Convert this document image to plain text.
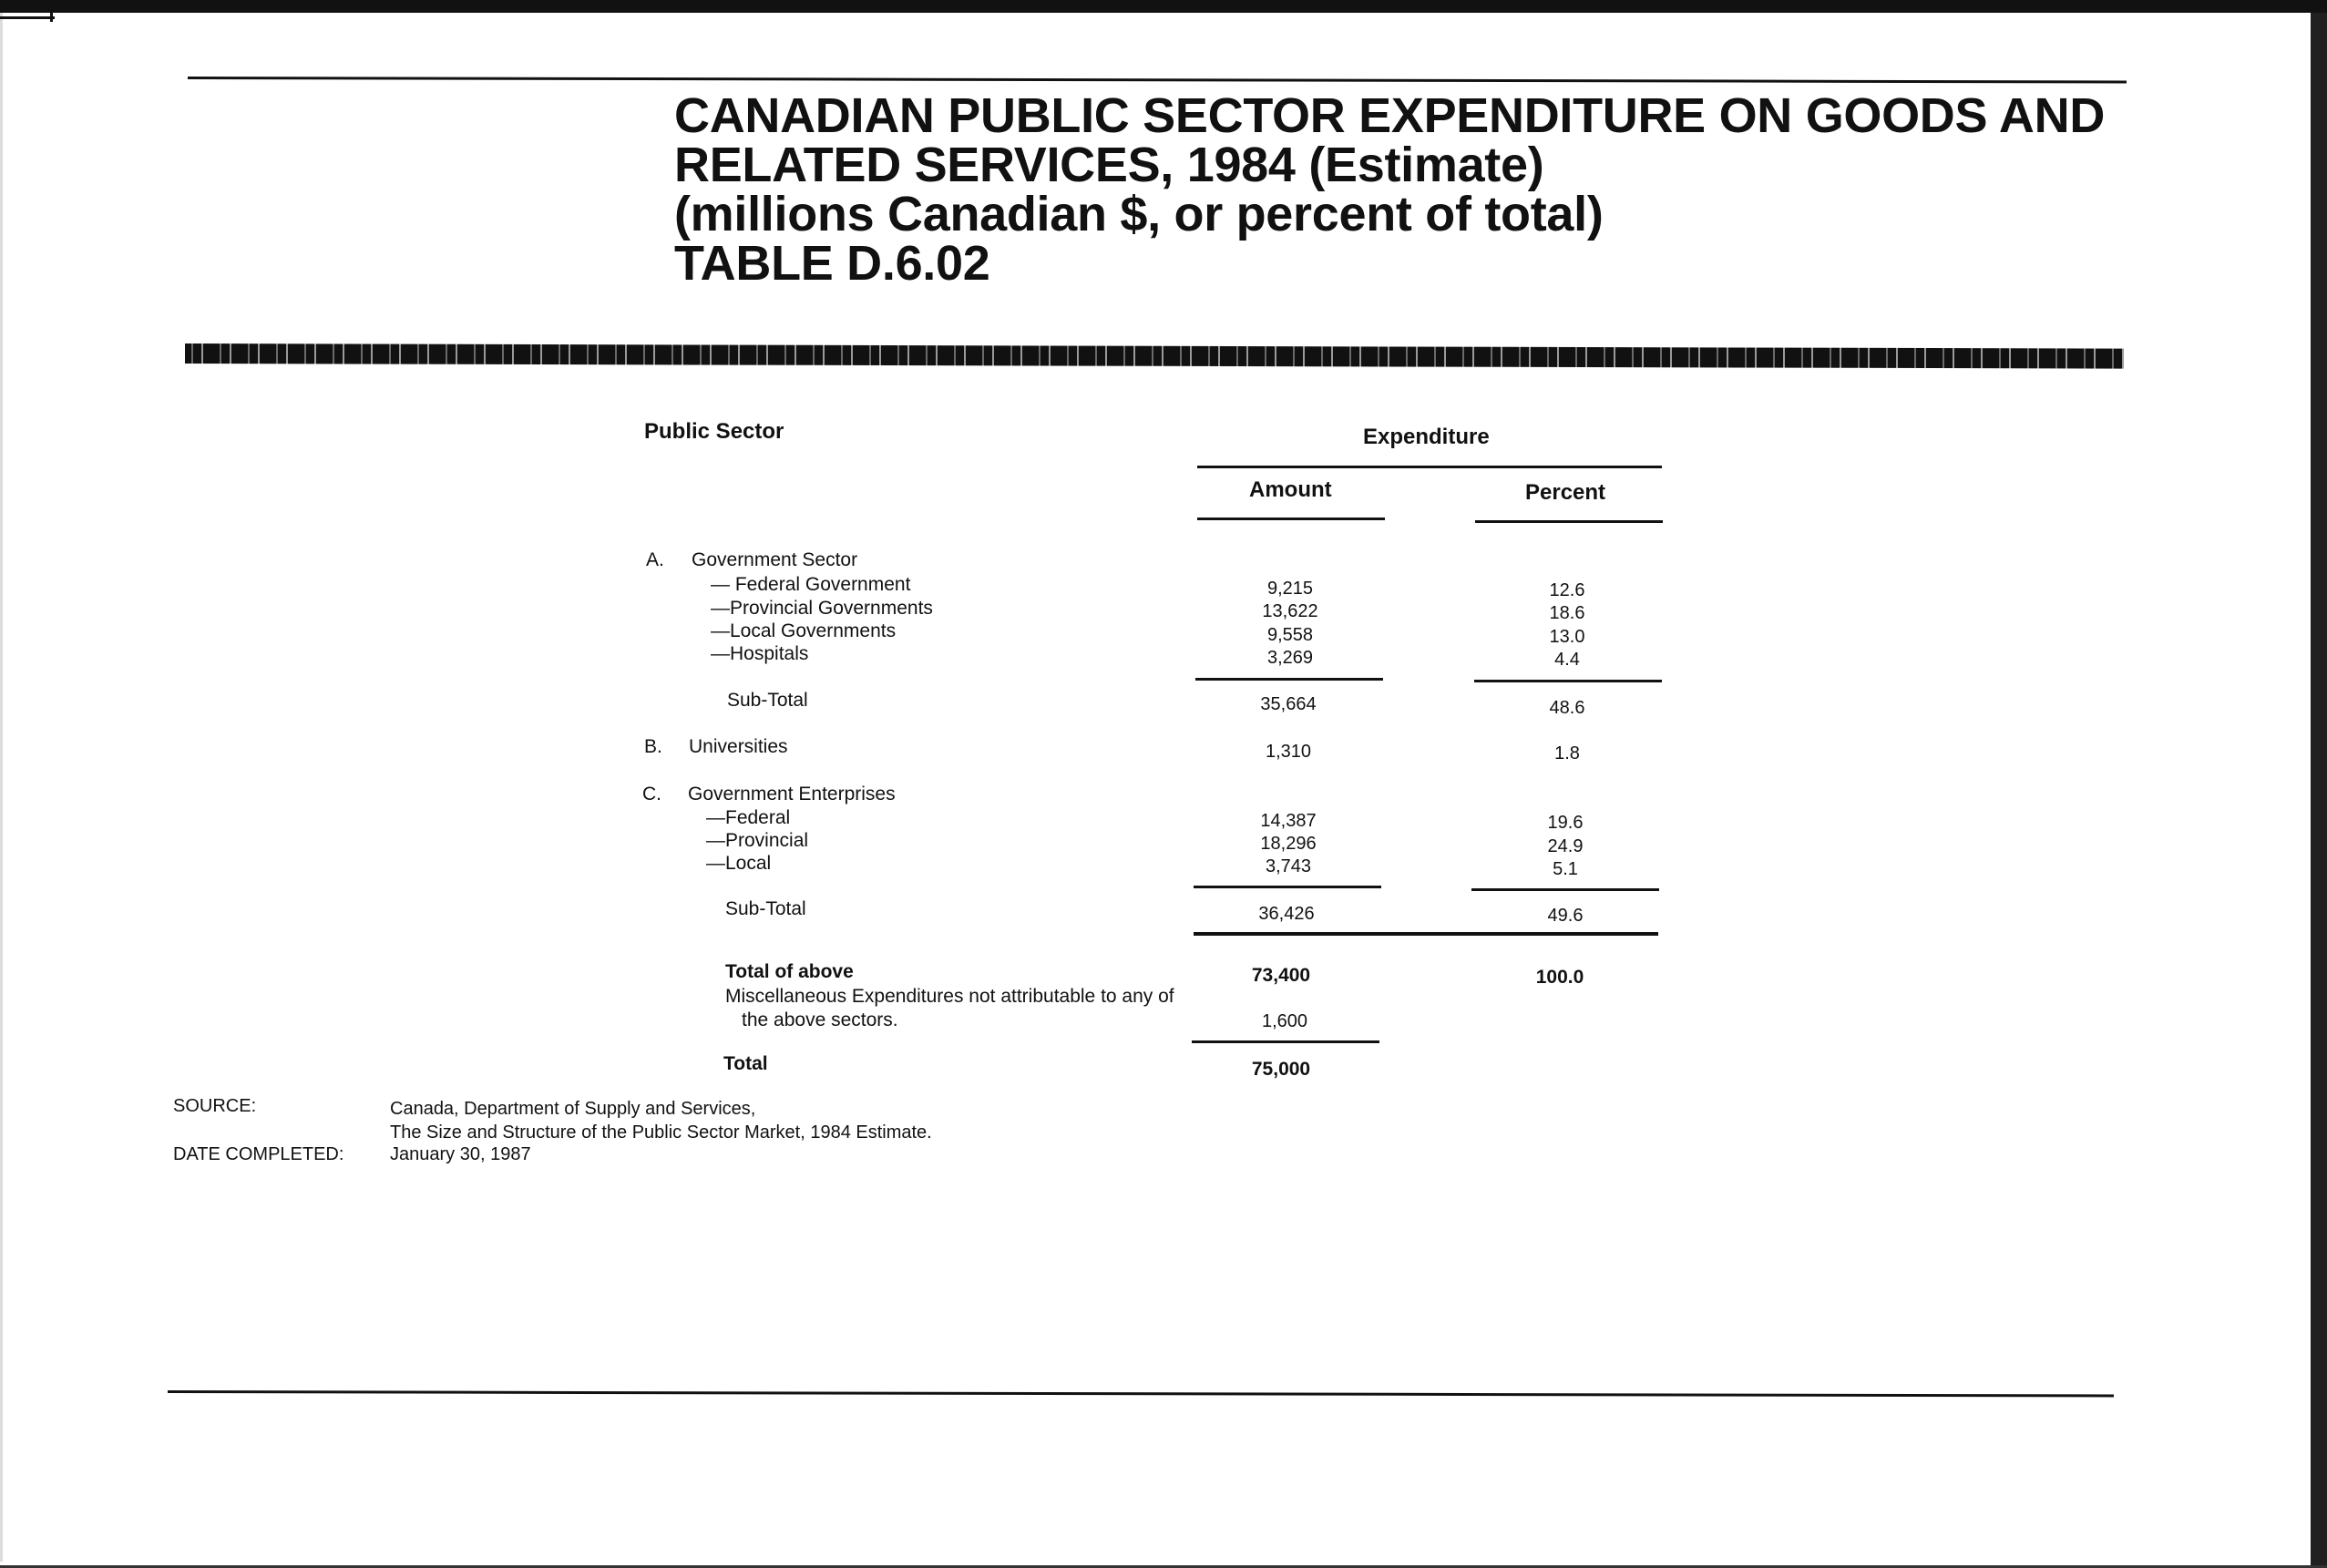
CANADIAN PUBLIC SECTOR EXPENDITURE ON GOODS AND
RELATED SERVICES, 1984 (Estimate)
(millions Canadian $, or percent of total)
TABLE D.6.02
Public Sector	Expenditure
Amount	Percent
A. Government Sector
— Federal Government	9,215	12.6
—Provincial Governments	13,622	18.6
—Local Governments	9,558	13.0
—Hospitals	3,269	4.4
Sub-Total	35,664	48.6
B. Universities	1,310	1.8
C. Government Enterprises
—Federal	14,387	19.6
—Provincial	18,296	24.9
—Local	3,743	5.1
Sub-Total	36,426	49.6
Total of above	73,400	100.0
Miscellaneous Expenditures not attributable to any of
the above sectors.	1,600
Total	75,000
SOURCE:	Canada, Department of Supply and Services,
The Size and Structure of the Public Sector Market, 1984 Estimate.
DATE COMPLETED:	January 30, 1987
